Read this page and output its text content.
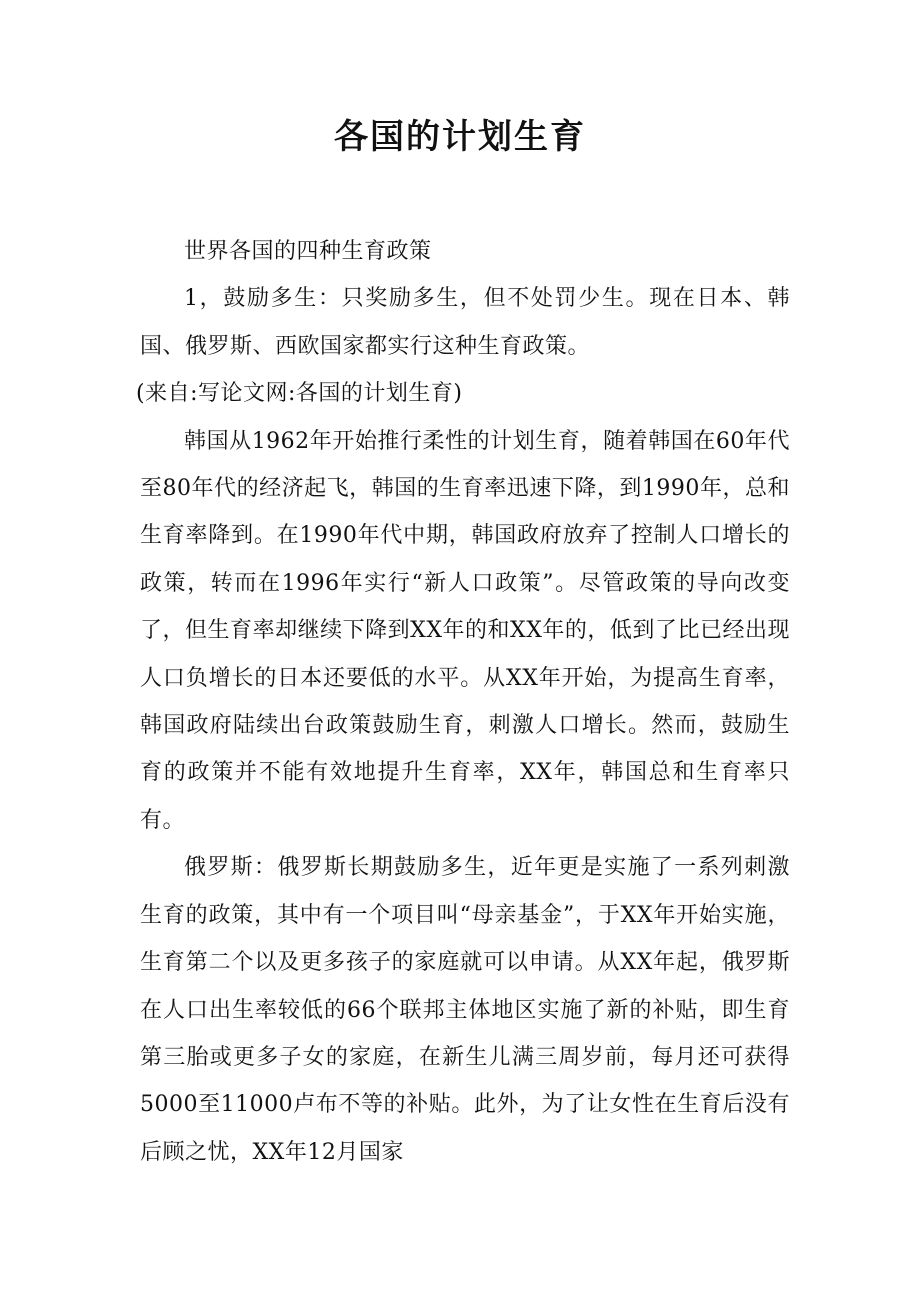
各国的计划生育

世界各国的四种生育政策

1，鼓励多生：只奖励多生，但不处罚少生。现在日本、韩国、俄罗斯、西欧国家都实行这种生育政策。

(来自:写论文网:各国的计划生育)

韩国从1962年开始推行柔性的计划生育，随着韩国在60年代至80年代的经济起飞，韩国的生育率迅速下降，到1990年，总和生育率降到。在1990年代中期，韩国政府放弃了控制人口增长的政策，转而在1996年实行“新人口政策”。尽管政策的导向改变了，但生育率却继续下降到XX年的和XX年的，低到了比已经出现人口负增长的日本还要低的水平。从XX年开始，为提高生育率，韩国政府陆续出台政策鼓励生育，刺激人口增长。然而，鼓励生育的政策并不能有效地提升生育率，XX年，韩国总和生育率只有。

俄罗斯：俄罗斯长期鼓励多生，近年更是实施了一系列刺激生育的政策，其中有一个项目叫“母亲基金”，于XX年开始实施，生育第二个以及更多孩子的家庭就可以申请。从XX年起，俄罗斯在人口出生率较低的66个联邦主体地区实施了新的补贴，即生育第三胎或更多子女的家庭，在新生儿满三周岁前，每月还可获得5000至11000卢布不等的补贴。此外，为了让女性在生育后没有后顾之忧，XX年12月国家
